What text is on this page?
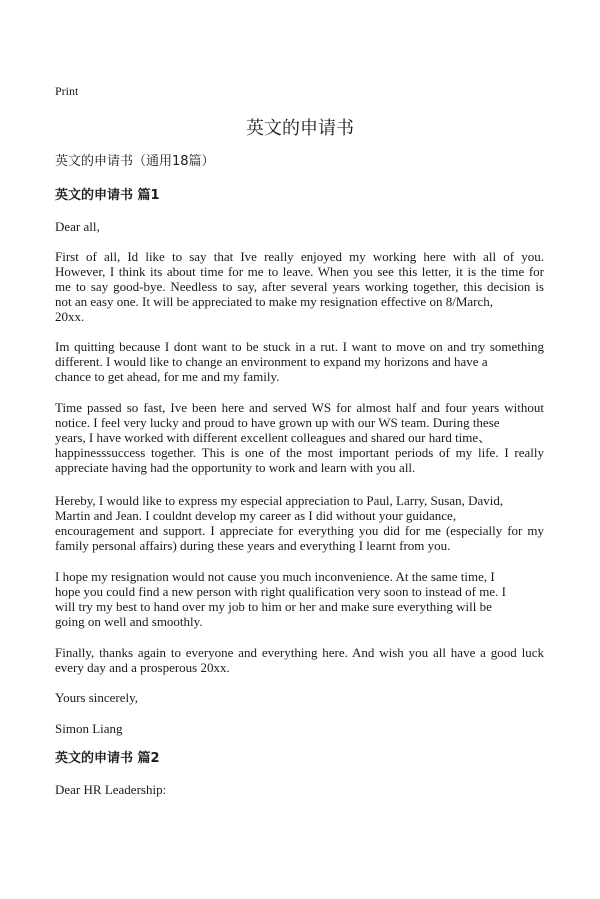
Print
英文的申请书
英文的申请书（通用18篇）
英文的申请书 篇1
Dear all,
First of all, Id like to say that Ive really enjoyed my working here with all of you.
However, I think its about time for me to leave. When you see this letter, it is the time for
me to say good-bye. Needless to say, after several years working together, this decision is
not an easy one. It will be appreciated to make my resignation effective on 8/March,
20xx.
Im quitting because I dont want to be stuck in a rut. I want to move on and try something
different. I would like to change an environment to expand my horizons and have a
chance to get ahead, for me and my family.
Time passed so fast, Ive been here and served WS for almost half and four years without
notice. I feel very lucky and proud to have grown up with our WS team. During these
years, I have worked with different excellent colleagues and shared our hard time、
happinesssuccess together. This is one of the most important periods of my life. I really
appreciate having had the opportunity to work and learn with you all.
Hereby, I would like to express my especial appreciation to Paul, Larry, Susan, David,
Martin and Jean. I couldnt develop my career as I did without your guidance,
encouragement and support. I appreciate for everything you did for me (especially for my
family personal affairs) during these years and everything I learnt from you.
I hope my resignation would not cause you much inconvenience. At the same time, I
hope you could find a new person with right qualification very soon to instead of me. I
will try my best to hand over my job to him or her and make sure everything will be
going on well and smoothly.
Finally, thanks again to everyone and everything here. And wish you all have a good luck
every day and a prosperous 20xx.
Yours sincerely,
Simon Liang
英文的申请书 篇2
Dear HR Leadership:
